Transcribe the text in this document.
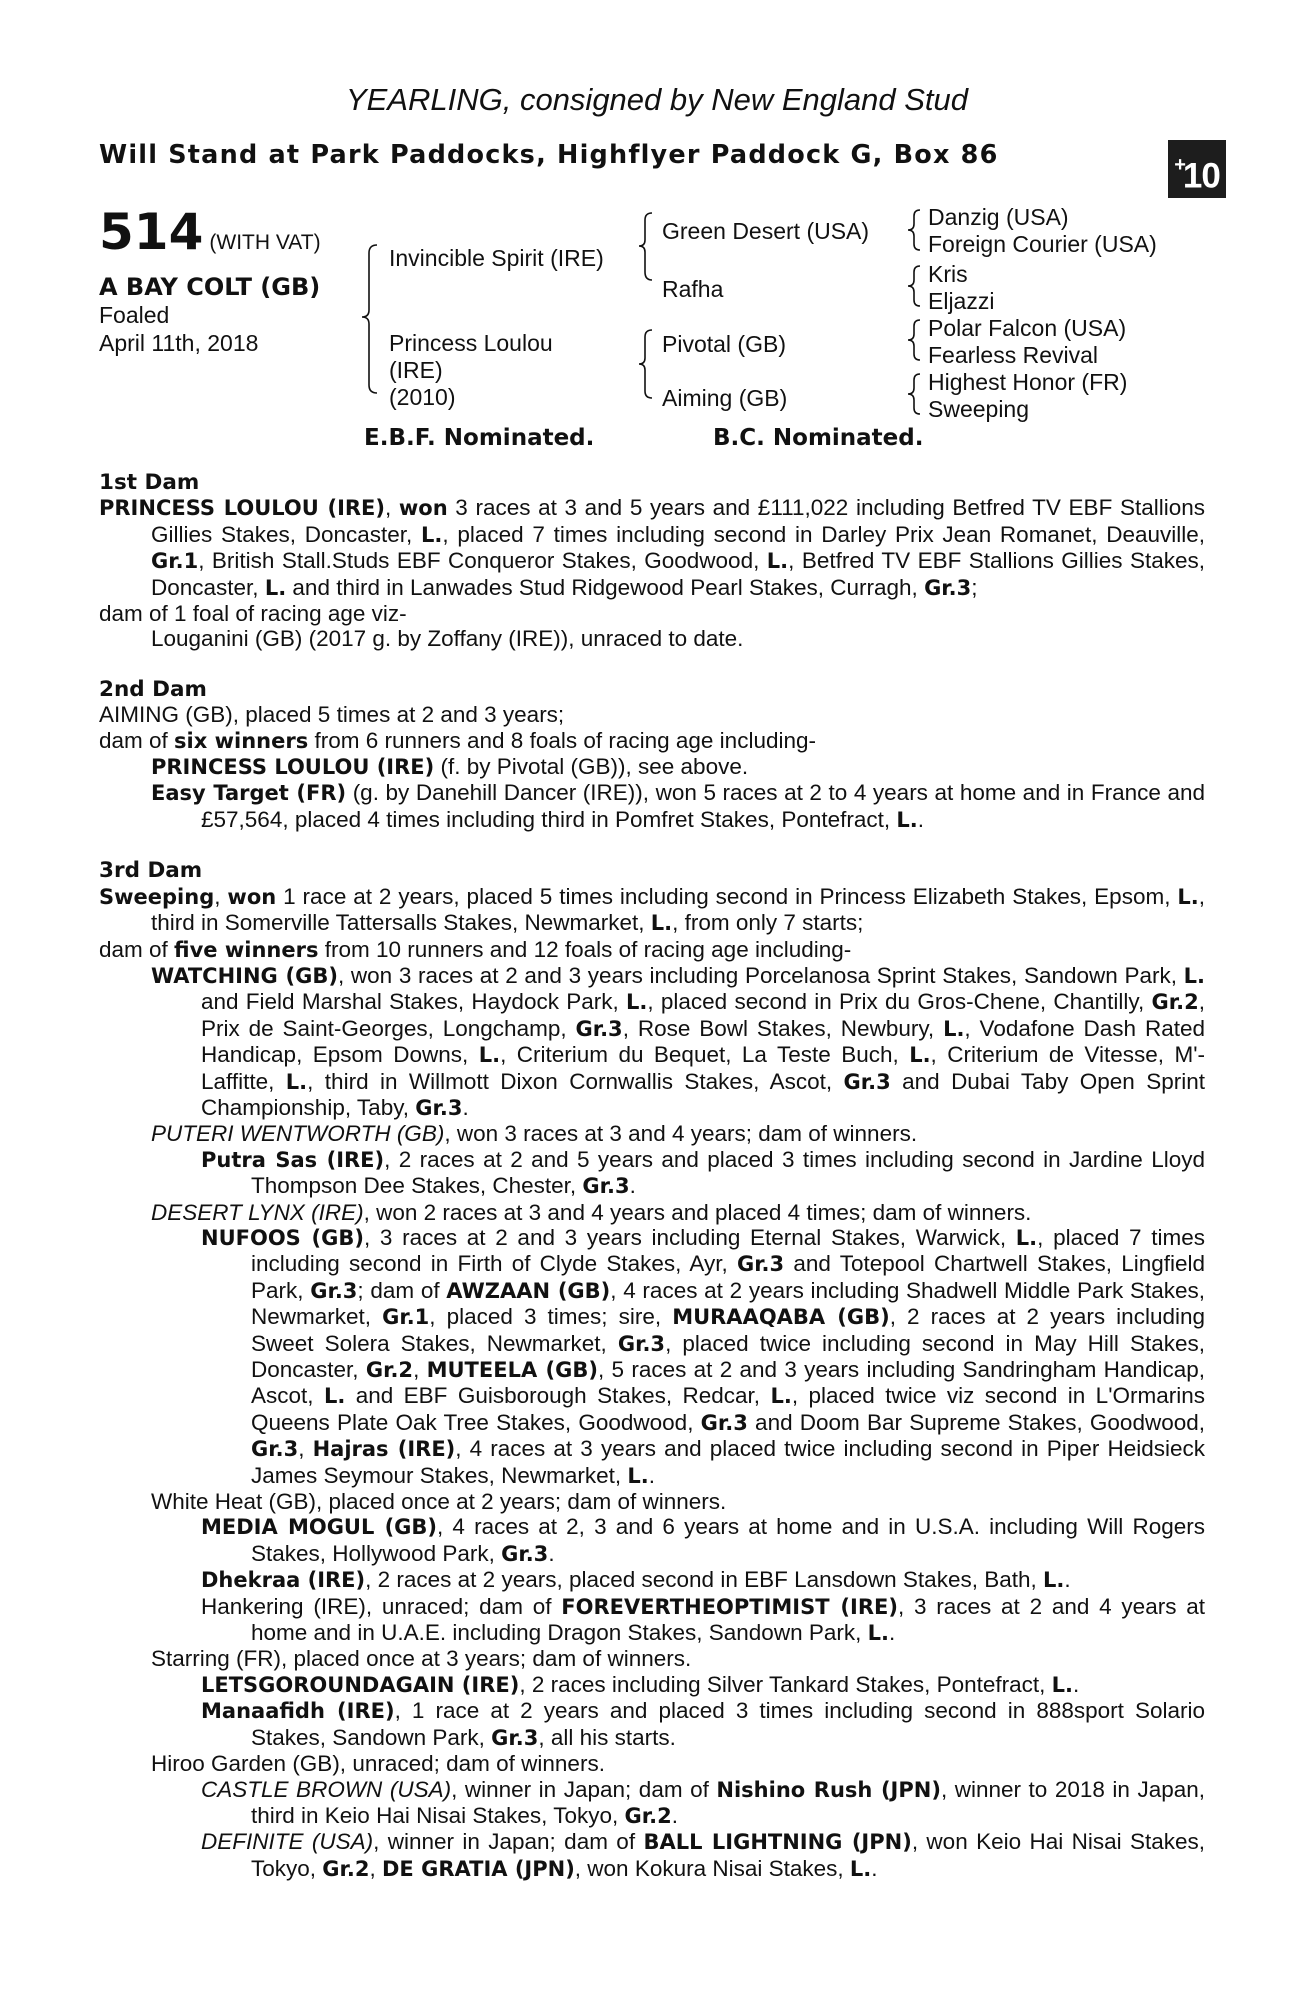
YEARLING, consigned by New England Stud
Will Stand at Park Paddocks, Highflyer Paddock G, Box 86	+10
514 (WITH VAT)
A BAY COLT (GB)
Foaled
April 11th, 2018
Invincible Spirit (IRE)
Princess Loulou
(IRE)
(2010)
Green Desert (USA)
Rafha
Pivotal (GB)
Aiming (GB)
Danzig (USA)
Foreign Courier (USA)
Kris
Eljazzi
Polar Falcon (USA)
Fearless Revival
Highest Honor (FR)
Sweeping
E.B.F. Nominated.	B.C. Nominated.
1st Dam
PRINCESS LOULOU (IRE), won 3 races at 3 and 5 years and £111,022 including Betfred TV EBF Stallions Gillies Stakes, Doncaster, L., placed 7 times including second in Darley Prix Jean Romanet, Deauville, Gr.1, British Stall.Studs EBF Conqueror Stakes, Goodwood, L., Betfred TV EBF Stallions Gillies Stakes, Doncaster, L. and third in Lanwades Stud Ridgewood Pearl Stakes, Curragh, Gr.3;
dam of 1 foal of racing age viz-
Louganini (GB) (2017 g. by Zoffany (IRE)), unraced to date.
2nd Dam
AIMING (GB), placed 5 times at 2 and 3 years;
dam of six winners from 6 runners and 8 foals of racing age including-
PRINCESS LOULOU (IRE) (f. by Pivotal (GB)), see above.
Easy Target (FR) (g. by Danehill Dancer (IRE)), won 5 races at 2 to 4 years at home and in France and £57,564, placed 4 times including third in Pomfret Stakes, Pontefract, L..
3rd Dam
Sweeping, won 1 race at 2 years, placed 5 times including second in Princess Elizabeth Stakes, Epsom, L., third in Somerville Tattersalls Stakes, Newmarket, L., from only 7 starts;
dam of five winners from 10 runners and 12 foals of racing age including-
WATCHING (GB), won 3 races at 2 and 3 years including Porcelanosa Sprint Stakes, Sandown Park, L. and Field Marshal Stakes, Haydock Park, L., placed second in Prix du Gros-Chene, Chantilly, Gr.2, Prix de Saint-Georges, Longchamp, Gr.3, Rose Bowl Stakes, Newbury, L., Vodafone Dash Rated Handicap, Epsom Downs, L., Criterium du Bequet, La Teste Buch, L., Criterium de Vitesse, M'-Laffitte, L., third in Willmott Dixon Cornwallis Stakes, Ascot, Gr.3 and Dubai Taby Open Sprint Championship, Taby, Gr.3.
PUTERI WENTWORTH (GB), won 3 races at 3 and 4 years; dam of winners.
Putra Sas (IRE), 2 races at 2 and 5 years and placed 3 times including second in Jardine Lloyd Thompson Dee Stakes, Chester, Gr.3.
DESERT LYNX (IRE), won 2 races at 3 and 4 years and placed 4 times; dam of winners.
NUFOOS (GB), 3 races at 2 and 3 years including Eternal Stakes, Warwick, L., placed 7 times including second in Firth of Clyde Stakes, Ayr, Gr.3 and Totepool Chartwell Stakes, Lingfield Park, Gr.3; dam of AWZAAN (GB), 4 races at 2 years including Shadwell Middle Park Stakes, Newmarket, Gr.1, placed 3 times; sire, MURAAQABA (GB), 2 races at 2 years including Sweet Solera Stakes, Newmarket, Gr.3, placed twice including second in May Hill Stakes, Doncaster, Gr.2, MUTEELA (GB), 5 races at 2 and 3 years including Sandringham Handicap, Ascot, L. and EBF Guisborough Stakes, Redcar, L., placed twice viz second in L'Ormarins Queens Plate Oak Tree Stakes, Goodwood, Gr.3 and Doom Bar Supreme Stakes, Goodwood, Gr.3, Hajras (IRE), 4 races at 3 years and placed twice including second in Piper Heidsieck James Seymour Stakes, Newmarket, L..
White Heat (GB), placed once at 2 years; dam of winners.
MEDIA MOGUL (GB), 4 races at 2, 3 and 6 years at home and in U.S.A. including Will Rogers Stakes, Hollywood Park, Gr.3.
Dhekraa (IRE), 2 races at 2 years, placed second in EBF Lansdown Stakes, Bath, L..
Hankering (IRE), unraced; dam of FOREVERTHEOPTIMIST (IRE), 3 races at 2 and 4 years at home and in U.A.E. including Dragon Stakes, Sandown Park, L..
Starring (FR), placed once at 3 years; dam of winners.
LETSGOROUNDAGAIN (IRE), 2 races including Silver Tankard Stakes, Pontefract, L..
Manaafidh (IRE), 1 race at 2 years and placed 3 times including second in 888sport Solario Stakes, Sandown Park, Gr.3, all his starts.
Hiroo Garden (GB), unraced; dam of winners.
CASTLE BROWN (USA), winner in Japan; dam of Nishino Rush (JPN), winner to 2018 in Japan, third in Keio Hai Nisai Stakes, Tokyo, Gr.2.
DEFINITE (USA), winner in Japan; dam of BALL LIGHTNING (JPN), won Keio Hai Nisai Stakes, Tokyo, Gr.2, DE GRATIA (JPN), won Kokura Nisai Stakes, L..
